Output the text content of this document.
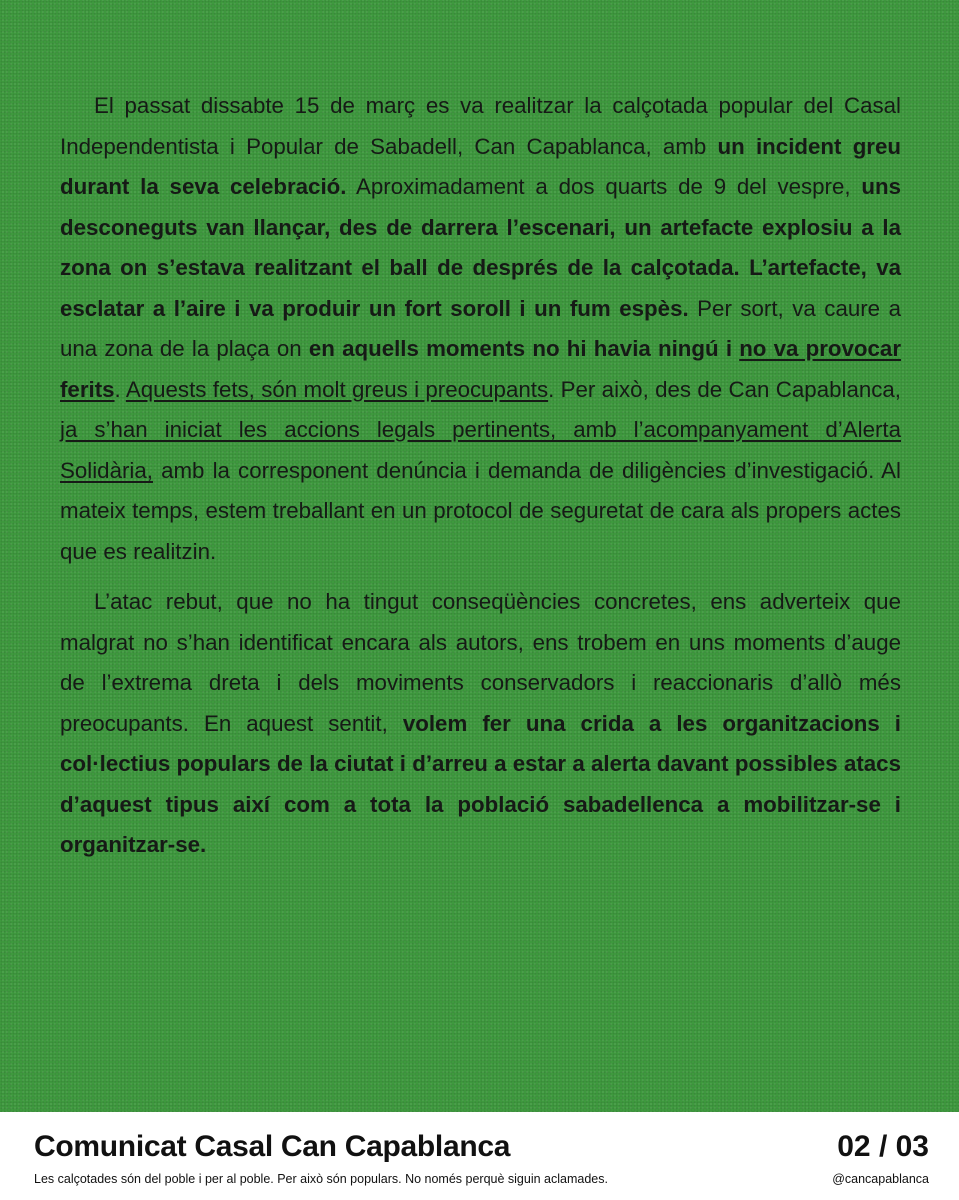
El passat dissabte 15 de març es va realitzar la calçotada popular del Casal Independentista i Popular de Sabadell, Can Capablanca, amb un incident greu durant la seva celebració. Aproximadament a dos quarts de 9 del vespre, uns desconeguts van llançar, des de darrera l’escenari, un artefacte explosiu a la zona on s’estava realitzant el ball de després de la calçotada. L’artefacte, va esclatar a l’aire i va produir un fort soroll i un fum espès. Per sort, va caure a una zona de la plaça on en aquells moments no hi havia ningú i no va provocar ferits. Aquests fets, són molt greus i preocupants. Per això, des de Can Capablanca, ja s’han iniciat les accions legals pertinents, amb l’acompanyament d’Alerta Solidària, amb la corresponent denúncia i demanda de diligències d’investigació. Al mateix temps, estem treballant en un protocol de seguretat de cara als propers actes que es realitzin.

L’atac rebut, que no ha tingut conseqüències concretes, ens adverteix que malgrat no s’han identificat encara als autors, ens trobem en uns moments d’auge de l’extrema dreta i dels moviments conservadors i reaccionaris d’allò més preocupants. En aquest sentit, volem fer una crida a les organitzacions i col·lectius populars de la ciutat i d’arreu a estar a alerta davant possibles atacs d’aquest tipus així com a tota la població sabadellenca a mobilitzar-se i organitzar-se.

Comunicat Casal Can Capablanca	02 / 03
Les calçotades són del poble i per al poble. Per això són populars. No només perquè siguin aclamades.	@cancapablanca
